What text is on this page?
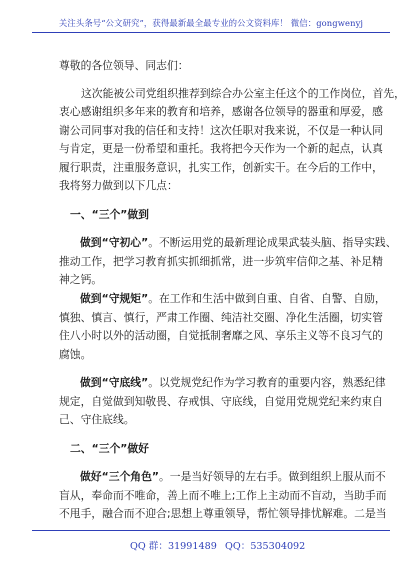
关注头条号“公文研究”，获得最新最全最专业的公文资料库！ 微信：gongwenyj
尊敬的各位领导、同志们：
这次能被公司党组织推荐到综合办公室主任这个的工作岗位，首先，
衷心感谢组织多年来的教育和培养，感谢各位领导的器重和厚爱，感
谢公司同事对我的信任和支持！这次任职对我来说，不仅是一种认同
与肯定，更是一份希望和重托。我将把今天作为一个新的起点，认真
履行职责，注重服务意识，扎实工作，创新实干。在今后的工作中，
我将努力做到以下几点：
一、“三个”做到
做到“守初心”。不断运用党的最新理论成果武装头脑、指导实践、
推动工作，把学习教育抓实抓细抓常，进一步筑牢信仰之基、补足精
神之钙。
做到“守规矩”。在工作和生活中做到自重、自省、自警、自励，
慎独、慎言、慎行，严肃工作圈、纯洁社交圈、净化生活圈，切实管
住八小时以外的活动圈，自觉抵制奢靡之风、享乐主义等不良习气的
腐蚀。
做到“守底线”。以党规党纪作为学习教育的重要内容，熟悉纪律
规定，自觉做到知敬畏、存戒惧、守底线，自觉用党规党纪来约束自
己、守住底线。
二、“三个”做好
做好“三个角色”。一是当好领导的左右手。做到组织上服从而不
盲从，奉命而不唯命，善上而不唯上;工作上主动而不盲动，当助手而
不甩手，融合而不迎合;思想上尊重领导，帮忙领导排忧解难。二是当
QQ 群：31991489 QQ：535304092
